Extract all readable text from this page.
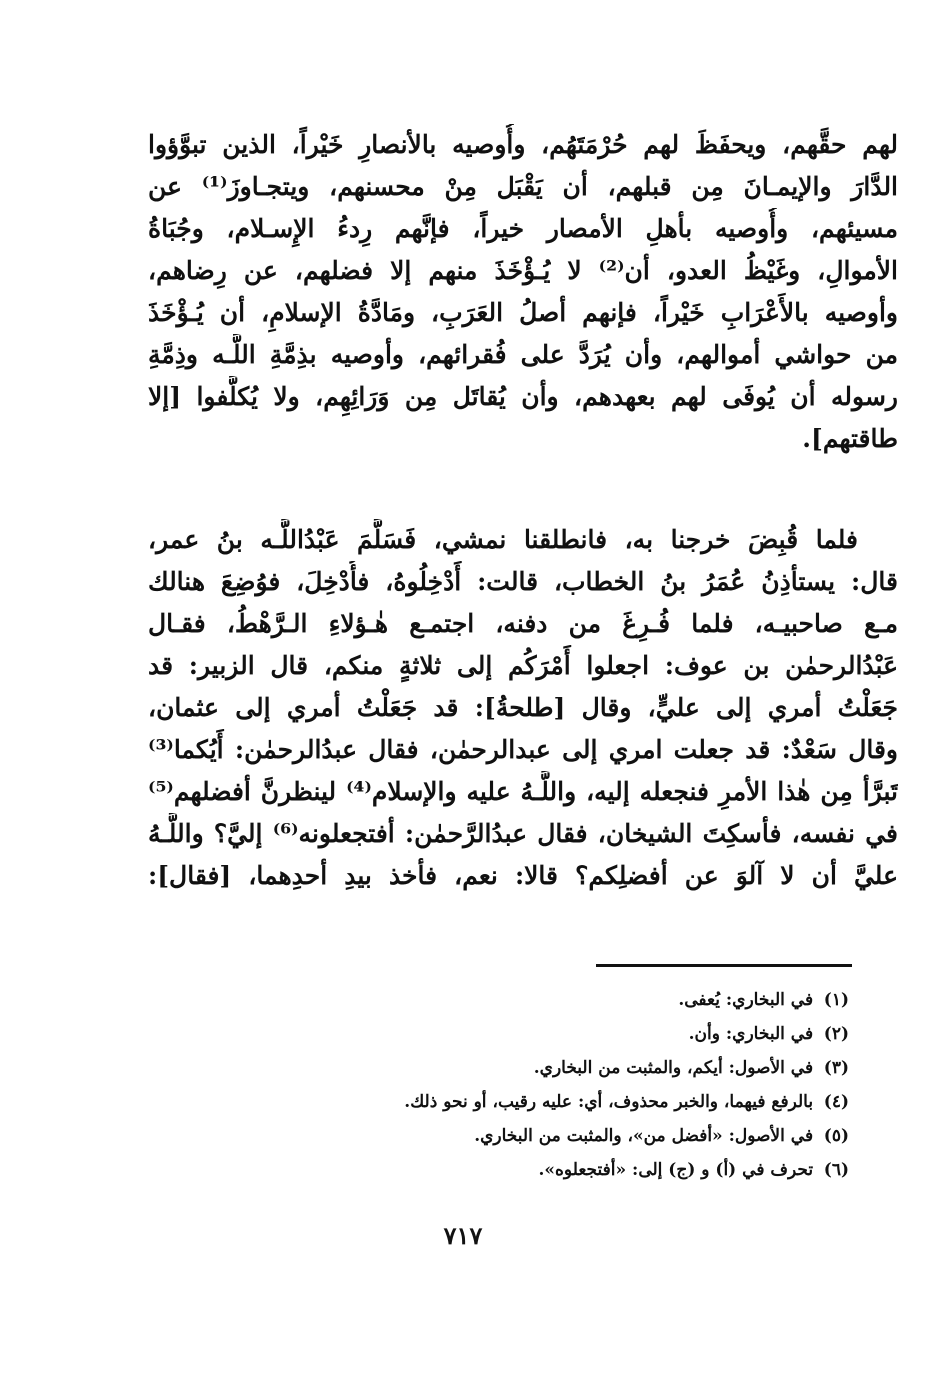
لهم حقَّهم، ويحفَظَ لهم حُرْمَتَهُم، وأُوصيه بالأنصارِ خَيْراً، الذين تبوَّؤوا
الدَّارَ والإيمـانَ مِن قبلهم، أن يَقْبَل مِنْ محسنهم، ويتجـاوزَ⁽¹⁾ عن
مسيئهم، وأُوصيه بأهلِ الأمصار خيراً، فإنَّهم رِدءُ الإِسـلام، وجُبَاةُ
الأموالِ، وغَيْظُ العدو، أن⁽²⁾ لا يُـؤْخَذَ منهم إلا فضلهم، عن رِضاهم،
وأوصيه بالأَعْرَابِ خَيْراً، فإنهم أصلُ العَرَبِ، ومَادَّةُ الإسلامِ، أن يُـؤْخَذَ
من حواشي أموالهم، وأن يُرَدَّ على فُقرائهم، وأوصيه بذِمَّةِ اللَّـه وذِمَّةِ
رسوله أن يُوفَى لهم بعهدهم، وأن يُقاتَل مِن وَرَائِهِم، ولا يُكلَّفوا [إلا
طاقتهم].
فلما قُبِضَ خرجنا به، فانطلقنا نمشي، فَسَلَّمَ عَبْدُاللَّـه بنُ عمر،
قال: يستأذِنُ عُمَرُ بنُ الخطاب، قالت: أَدْخِلُوهُ، فأُدْخِلَ، فوُضِعَ هنالك
مـع صاحبيـه، فلما فُـرِغَ من دفنه، اجتمـع هٰـؤلاءِ الـرَّهْطُ، فقـال
عَبْدُالرحمٰن بن عوف: اجعلوا أَمْرَكُم إلى ثلاثةٍ منكم، قال الزبير: قد
جَعَلْتُ أمري إلى عليٍّ، وقال [طلحةُ]: قد جَعَلْتُ أمري إلى عثمان،
وقال سَعْدٌ: قد جعلت امري إلى عبدالرحمٰن، فقال عبدُالرحمٰن: أَيُكما⁽³⁾
تَبرَّأ مِن هٰذا الأمرِ فنجعله إليه، واللَّـهُ عليه والإسلام⁽⁴⁾ لينظرنَّ أفضلهم⁽⁵⁾
في نفسه، فأسكِتَ الشيخان، فقال عبدُالرَّحمٰن: أفتجعلونه⁽⁶⁾ إليَّ؟ واللَّـهُ
عليَّ أن لا آلوَ عن أفضلِكم؟ قالا: نعم، فأخذ بيدِ أحدِهما، [فقال]:
(١) في البخاري: يُعفى.
(٢) في البخاري: وأن.
(٣) في الأصول: أيكم، والمثبت من البخاري.
(٤) بالرفع فيهما، والخبر محذوف، أي: عليه رقيب، أو نحو ذلك.
(٥) في الأصول: «أفضل من»، والمثبت من البخاري.
(٦) تحرف في (أ) و (ج) إلى: «أفتجعلوه».
٧١٧
